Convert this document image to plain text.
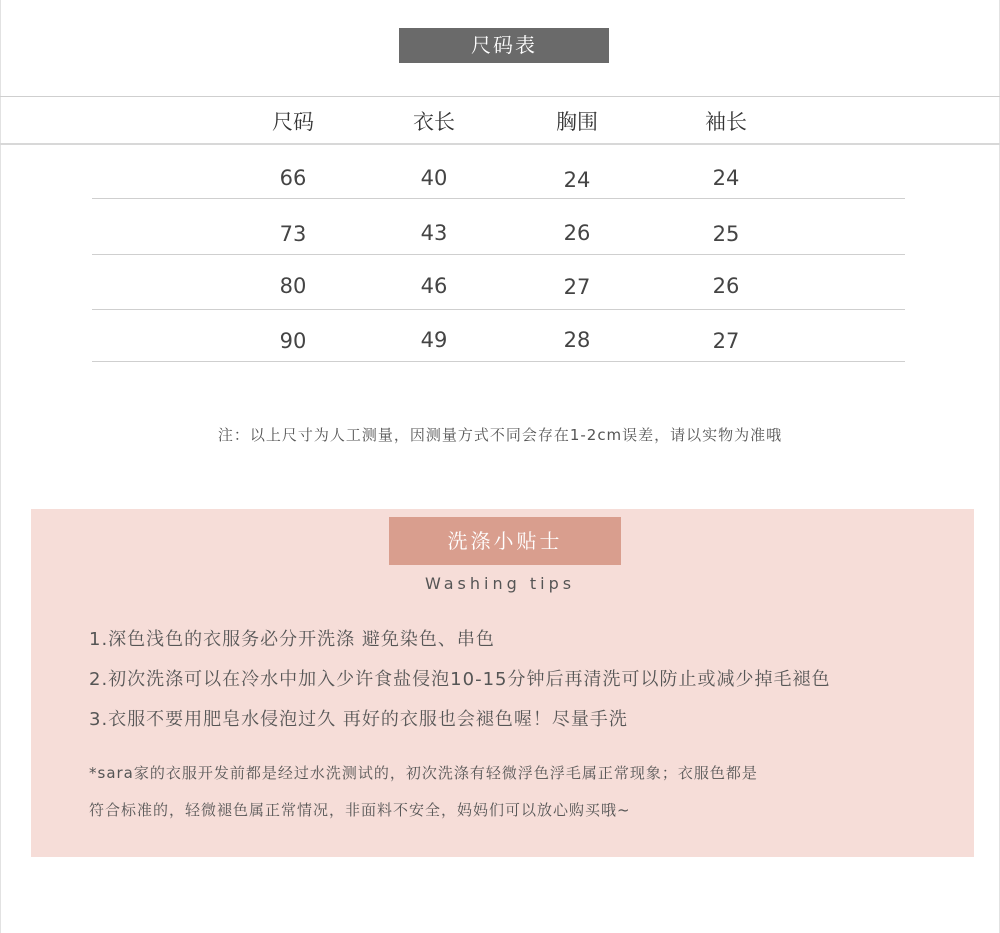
尺码表
尺码	衣长	胸围	袖长
66	40	24	24
73	43	26	25
80	46	27	26
90	49	28	27
注：以上尺寸为人工测量，因测量方式不同会存在1-2cm误差，请以实物为准哦
洗涤小贴士
Washing tips
1.深色浅色的衣服务必分开洗涤 避免染色、串色
2.初次洗涤可以在冷水中加入少许食盐侵泡10-15分钟后再清洗可以防止或减少掉毛褪色
3.衣服不要用肥皂水侵泡过久 再好的衣服也会褪色喔！尽量手洗
*sara家的衣服开发前都是经过水洗测试的，初次洗涤有轻微浮色浮毛属正常现象；衣服色都是
符合标准的，轻微褪色属正常情况，非面料不安全，妈妈们可以放心购买哦~
